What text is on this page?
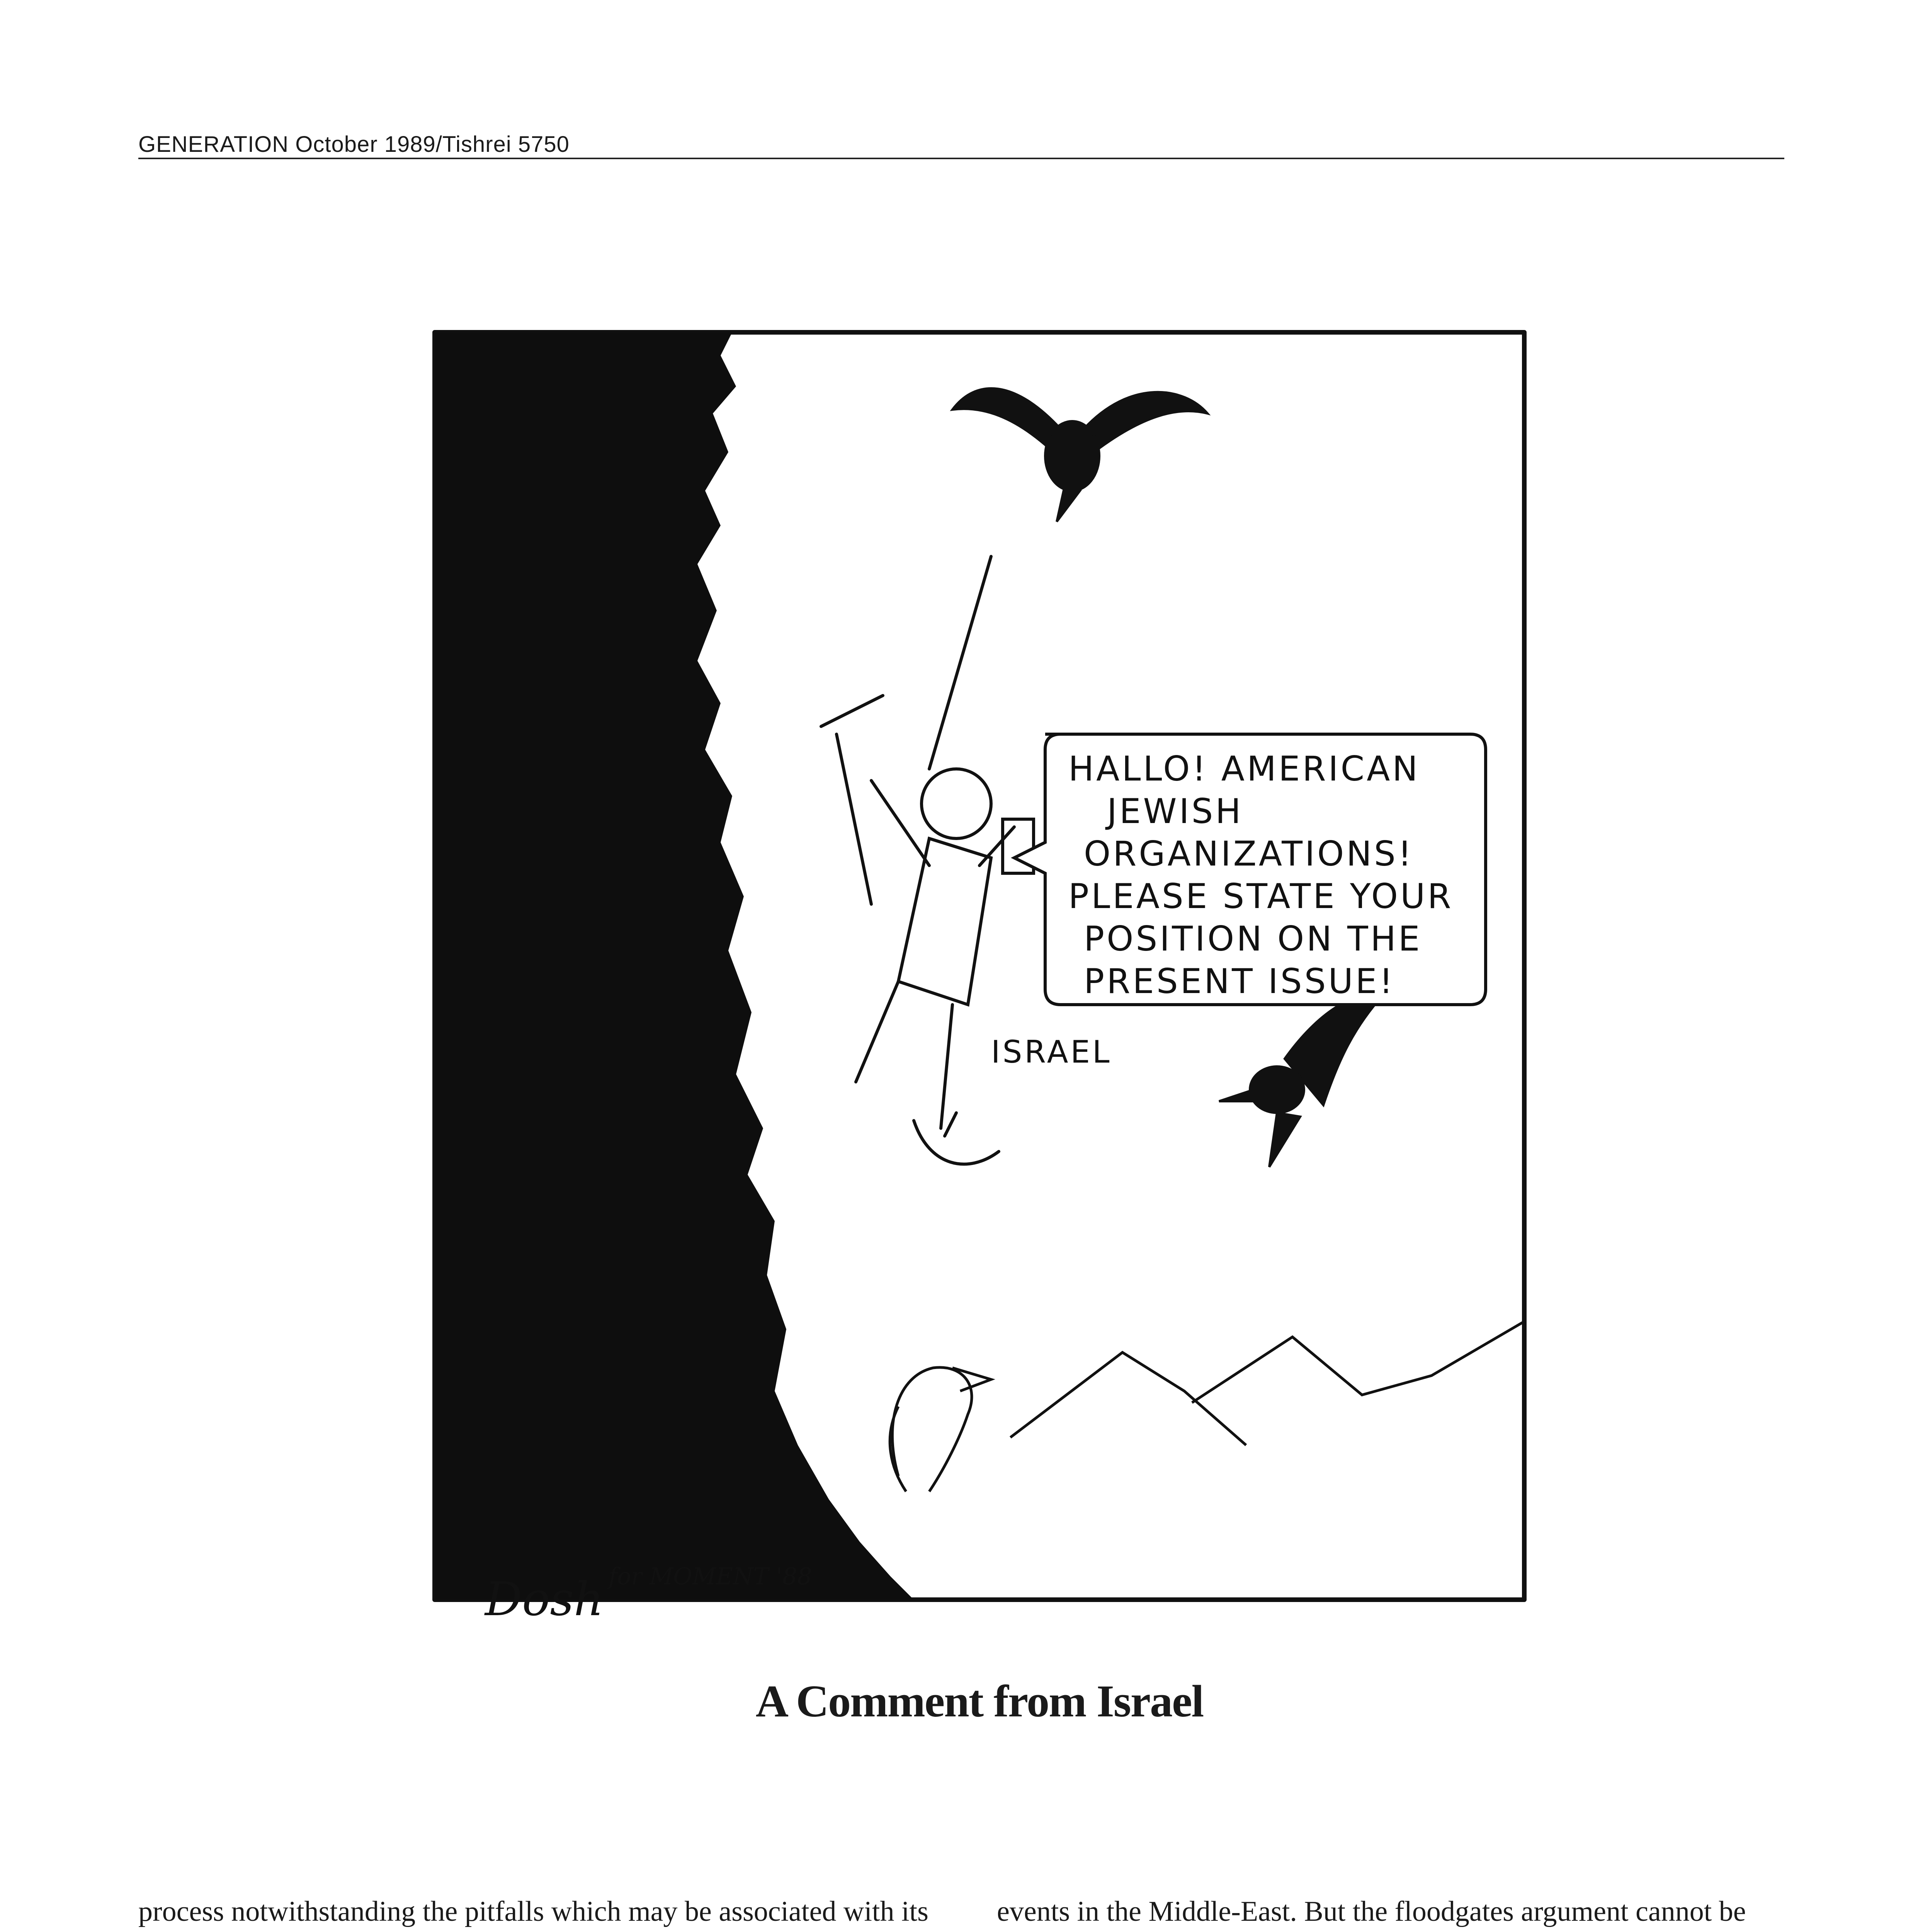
GENERATION October 1989/Tishrei 5750
HALLO! AMERICAN
JEWISH
ORGANIZATIONS!
PLEASE STATE YOUR
POSITION ON THE
PRESENT ISSUE!
ISRAEL
Dosh for MOMENT '88
A Comment from Israel

process notwithstanding the pitfalls which may be associated with its	events in the Middle-East. But the floodgates argument cannot be
